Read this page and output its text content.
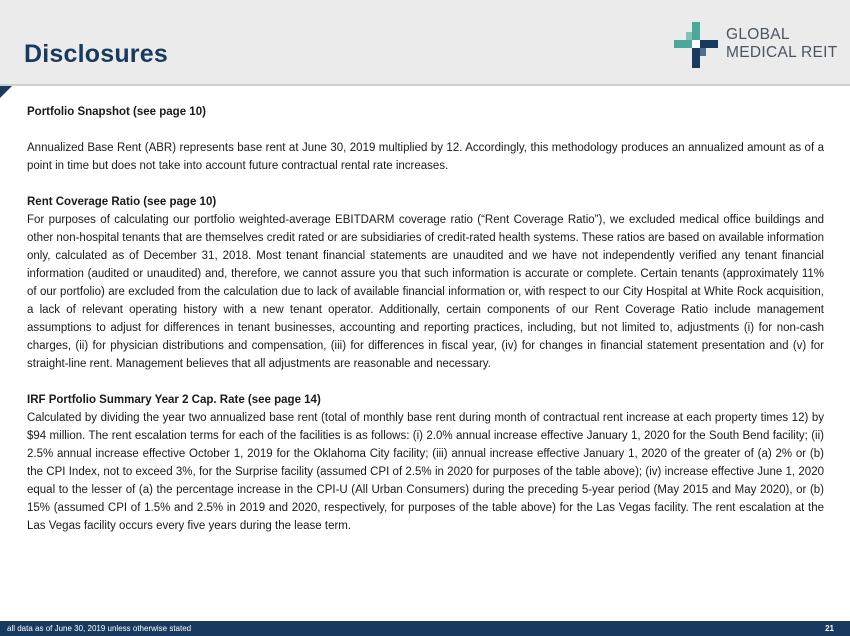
Disclosures
GLOBAL
MEDICAL REIT

Portfolio Snapshot (see page 10)

Annualized Base Rent (ABR) represents base rent at June 30, 2019 multiplied by 12. Accordingly, this methodology produces an annualized amount as of a point in time but does not take into account future contractual rental rate increases.

Rent Coverage Ratio (see page 10)

For purposes of calculating our portfolio weighted-average EBITDARM coverage ratio (“Rent Coverage Ratio”), we excluded medical office buildings and other non-hospital tenants that are themselves credit rated or are subsidiaries of credit-rated health systems. These ratios are based on available information only, calculated as of December 31, 2018. Most tenant financial statements are unaudited and we have not independently verified any tenant financial information (audited or unaudited) and, therefore, we cannot assure you that such information is accurate or complete. Certain tenants (approximately 11% of our portfolio) are excluded from the calculation due to lack of available financial information or, with respect to our City Hospital at White Rock acquisition, a lack of relevant operating history with a new tenant operator. Additionally, certain components of our Rent Coverage Ratio include management assumptions to adjust for differences in tenant businesses, accounting and reporting practices, including, but not limited to, adjustments (i) for non-cash charges, (ii) for physician distributions and compensation, (iii) for differences in fiscal year, (iv) for changes in financial statement presentation and (v) for straight-line rent. Management believes that all adjustments are reasonable and necessary.

IRF Portfolio Summary Year 2 Cap. Rate (see page 14)

Calculated by dividing the year two annualized base rent (total of monthly base rent during month of contractual rent increase at each property times 12) by $94 million. The rent escalation terms for each of the facilities is as follows: (i) 2.0% annual increase effective January 1, 2020 for the South Bend facility; (ii) 2.5% annual increase effective October 1, 2019 for the Oklahoma City facility; (iii) annual increase effective January 1, 2020 of the greater of (a) 2% or (b) the CPI Index, not to exceed 3%, for the Surprise facility (assumed CPI of 2.5% in 2020 for purposes of the table above); (iv) increase effective June 1, 2020 equal to the lesser of (a) the percentage increase in the CPI-U (All Urban Consumers) during the preceding 5-year period (May 2015 and May 2020), or (b) 15% (assumed CPI of 1.5% and 2.5% in 2019 and 2020, respectively, for purposes of the table above) for the Las Vegas facility. The rent escalation at the Las Vegas facility occurs every five years during the lease term.

all data as of June 30, 2019 unless otherwise stated	21
